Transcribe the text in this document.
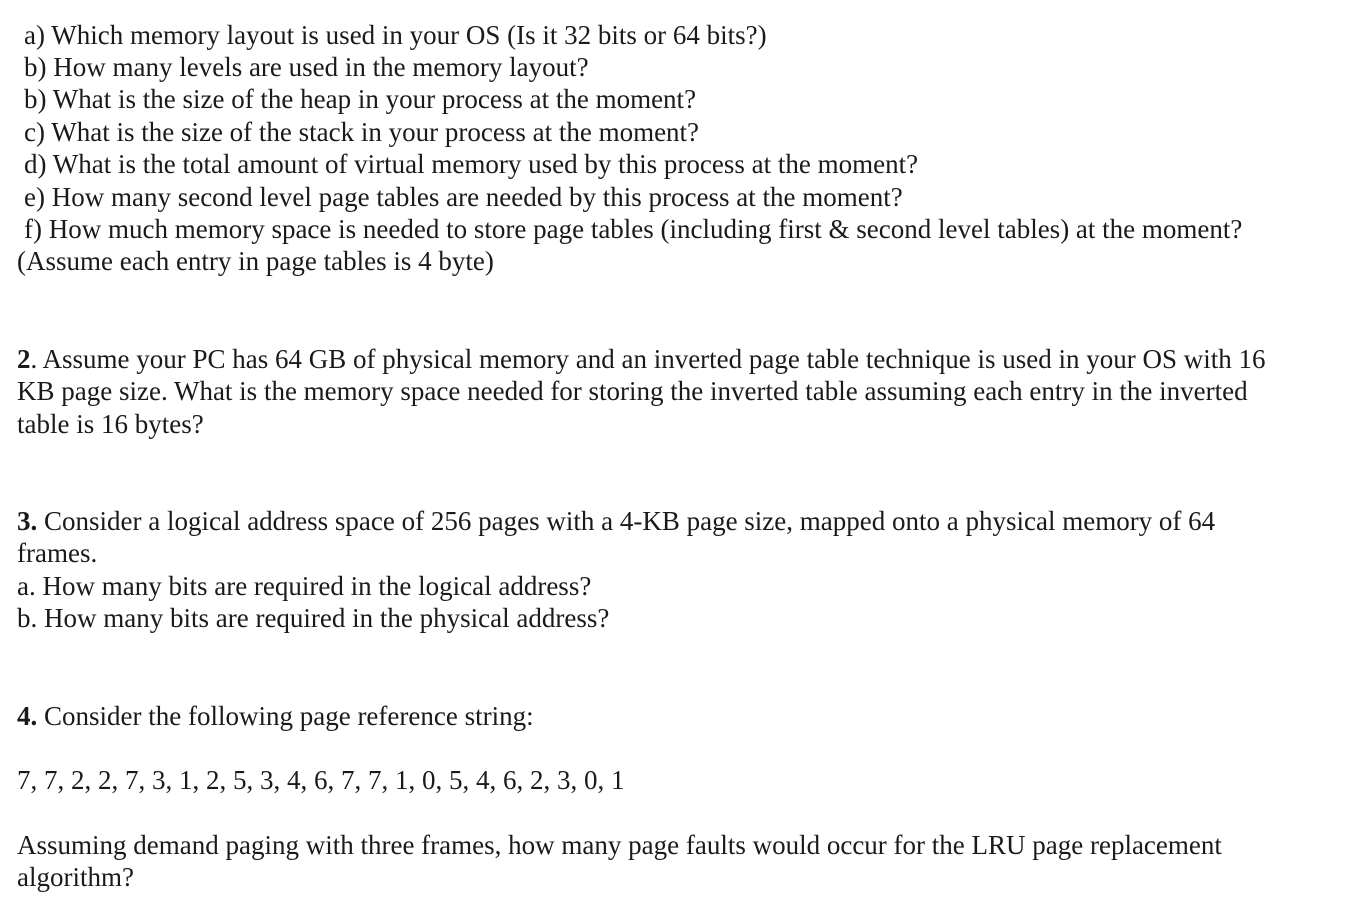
a) Which memory layout is used in your OS (Is it 32 bits or 64 bits?)
b) How many levels are used in the memory layout?
b) What is the size of the heap in your process at the moment?
c) What is the size of the stack in your process at the moment?
d) What is the total amount of virtual memory used by this process at the moment?
e) How many second level page tables are needed by this process at the moment?
f) How much memory space is needed to store page tables (including first & second level tables) at the moment?
(Assume each entry in page tables is 4 byte)
2. Assume your PC has 64 GB of physical memory and an inverted page table technique is used in your OS with 16
KB page size. What is the memory space needed for storing the inverted table assuming each entry in the inverted
table is 16 bytes?
3. Consider a logical address space of 256 pages with a 4-KB page size, mapped onto a physical memory of 64
frames.
a. How many bits are required in the logical address?
b. How many bits are required in the physical address?
4. Consider the following page reference string:
7, 7, 2, 2, 7, 3, 1, 2, 5, 3, 4, 6, 7, 7, 1, 0, 5, 4, 6, 2, 3, 0, 1
Assuming demand paging with three frames, how many page faults would occur for the LRU page replacement
algorithm?
